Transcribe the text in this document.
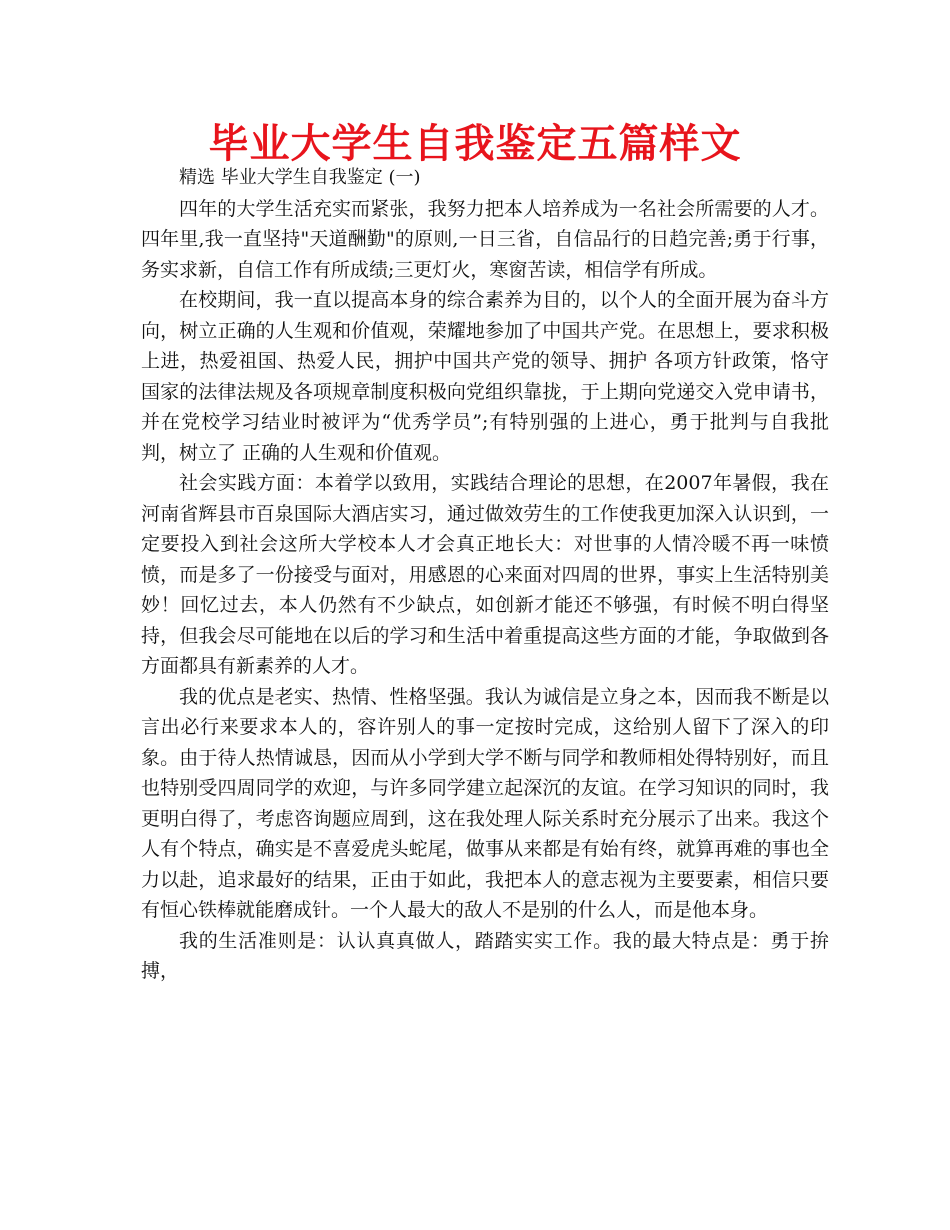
毕业大学生自我鉴定五篇样文

精选 毕业大学生自我鉴定 (一)

四年的大学生活充实而紧张，我努力把本人培养成为一名社会所需要的人才。四年里,我一直坚持"天道酬勤"的原则,一日三省，自信品行的日趋完善;勇于行事，务实求新，自信工作有所成绩;三更灯火，寒窗苦读，相信学有所成。

在校期间，我一直以提高本身的综合素养为目的，以个人的全面开展为奋斗方向，树立正确的人生观和价值观，荣耀地参加了中国共产党。在思想上，要求积极上进，热爱祖国、热爱人民，拥护中国共产党的领导、拥护 各项方针政策，恪守国家的法律法规及各项规章制度积极向党组织靠拢，于上期向党递交入党申请书，并在党校学习结业时被评为“优秀学员”;有特别强的上进心，勇于批判与自我批判，树立了 正确的人生观和价值观。

社会实践方面：本着学以致用，实践结合理论的思想，在2007年暑假，我在河南省辉县市百泉国际大酒店实习，通过做效劳生的工作使我更加深入认识到，一定要投入到社会这所大学校本人才会真正地长大：对世事的人情冷暖不再一味愤愤，而是多了一份接受与面对，用感恩的心来面对四周的世界，事实上生活特别美妙！回忆过去，本人仍然有不少缺点，如创新才能还不够强，有时候不明白得坚持，但我会尽可能地在以后的学习和生活中着重提高这些方面的才能，争取做到各方面都具有新素养的人才。

我的优点是老实、热情、性格坚强。我认为诚信是立身之本，因而我不断是以言出必行来要求本人的，容许别人的事一定按时完成，这给别人留下了深入的印象。由于待人热情诚恳，因而从小学到大学不断与同学和教师相处得特别好，而且也特别受四周同学的欢迎，与许多同学建立起深沉的友谊。在学习知识的同时，我更明白得了，考虑咨询题应周到，这在我处理人际关系时充分展示了出来。我这个人有个特点，确实是不喜爱虎头蛇尾，做事从来都是有始有终，就算再难的事也全力以赴，追求最好的结果，正由于如此，我把本人的意志视为主要要素，相信只要有恒心铁棒就能磨成针。一个人最大的敌人不是别的什么人，而是他本身。

我的生活准则是：认认真真做人，踏踏实实工作。我的最大特点是：勇于拚搏，
